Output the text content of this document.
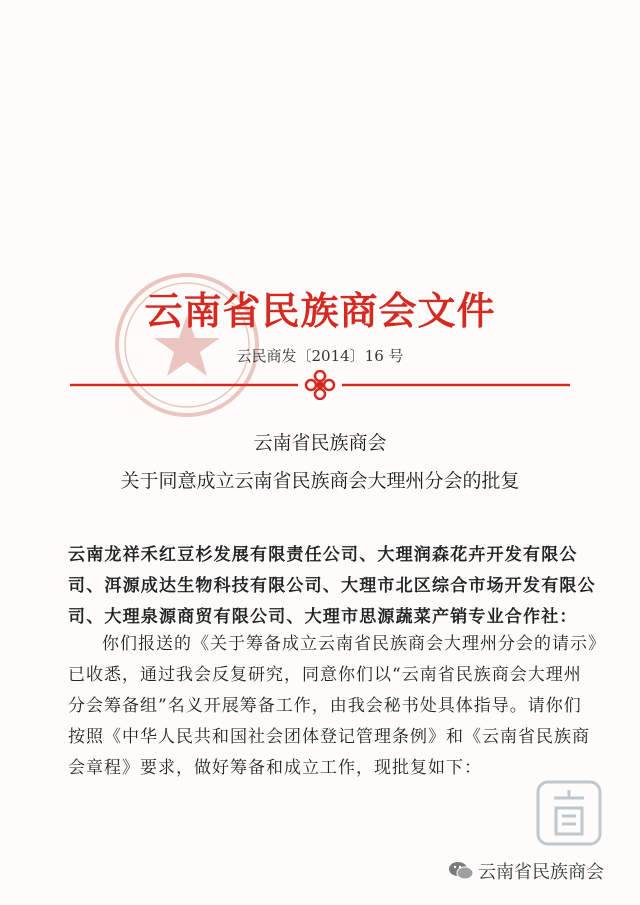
云南省民族商会文件
云民商发〔2014〕16 号
云南省民族商会
关于同意成立云南省民族商会大理州分会的批复
云南龙祥禾红豆杉发展有限责任公司、大理润森花卉开发有限公
司、洱源成达生物科技有限公司、大理市北区综合市场开发有限公
司、大理泉源商贸有限公司、大理市思源蔬菜产销专业合作社：
你们报送的《关于筹备成立云南省民族商会大理州分会的请示》
已收悉，通过我会反复研究，同意你们以“云南省民族商会大理州
分会筹备组”名义开展筹备工作，由我会秘书处具体指导。请你们
按照《中华人民共和国社会团体登记管理条例》和《云南省民族商
会章程》要求，做好筹备和成立工作，现批复如下：
云南省民族商会
